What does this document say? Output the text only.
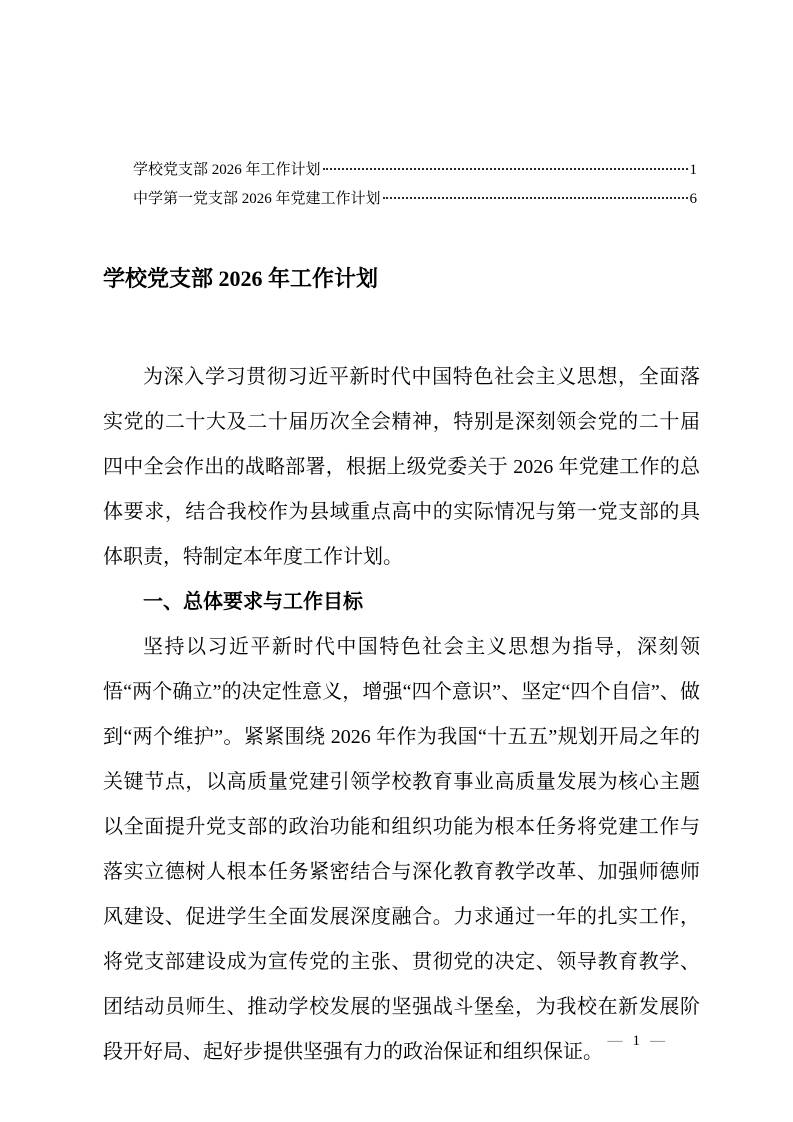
学校党支部 2026 年工作计划	1
中学第一党支部 2026 年党建工作计划	6
学校党支部 2026 年工作计划

为深入学习贯彻习近平新时代中国特色社会主义思想，全面落实党的二十大及二十届历次全会精神，特别是深刻领会党的二十届四中全会作出的战略部署，根据上级党委关于 2026 年党建工作的总体要求，结合我校作为县域重点高中的实际情况与第一党支部的具体职责，特制定本年度工作计划。

一、总体要求与工作目标

坚持以习近平新时代中国特色社会主义思想为指导，深刻领悟“两个确立”的决定性意义，增强“四个意识”、坚定“四个自信”、做到“两个维护”。紧紧围绕 2026 年作为我国“十五五”规划开局之年的关键节点，以高质量党建引领学校教育事业高质量发展为核心主题以全面提升党支部的政治功能和组织功能为根本任务将党建工作与落实立德树人根本任务紧密结合与深化教育教学改革、加强师德师风建设、促进学生全面发展深度融合。力求通过一年的扎实工作，将党支部建设成为宣传党的主张、贯彻党的决定、领导教育教学、团结动员师生、推动学校发展的坚强战斗堡垒，为我校在新发展阶段开好局、起好步提供坚强有力的政治保证和组织保证。 — 1 —
